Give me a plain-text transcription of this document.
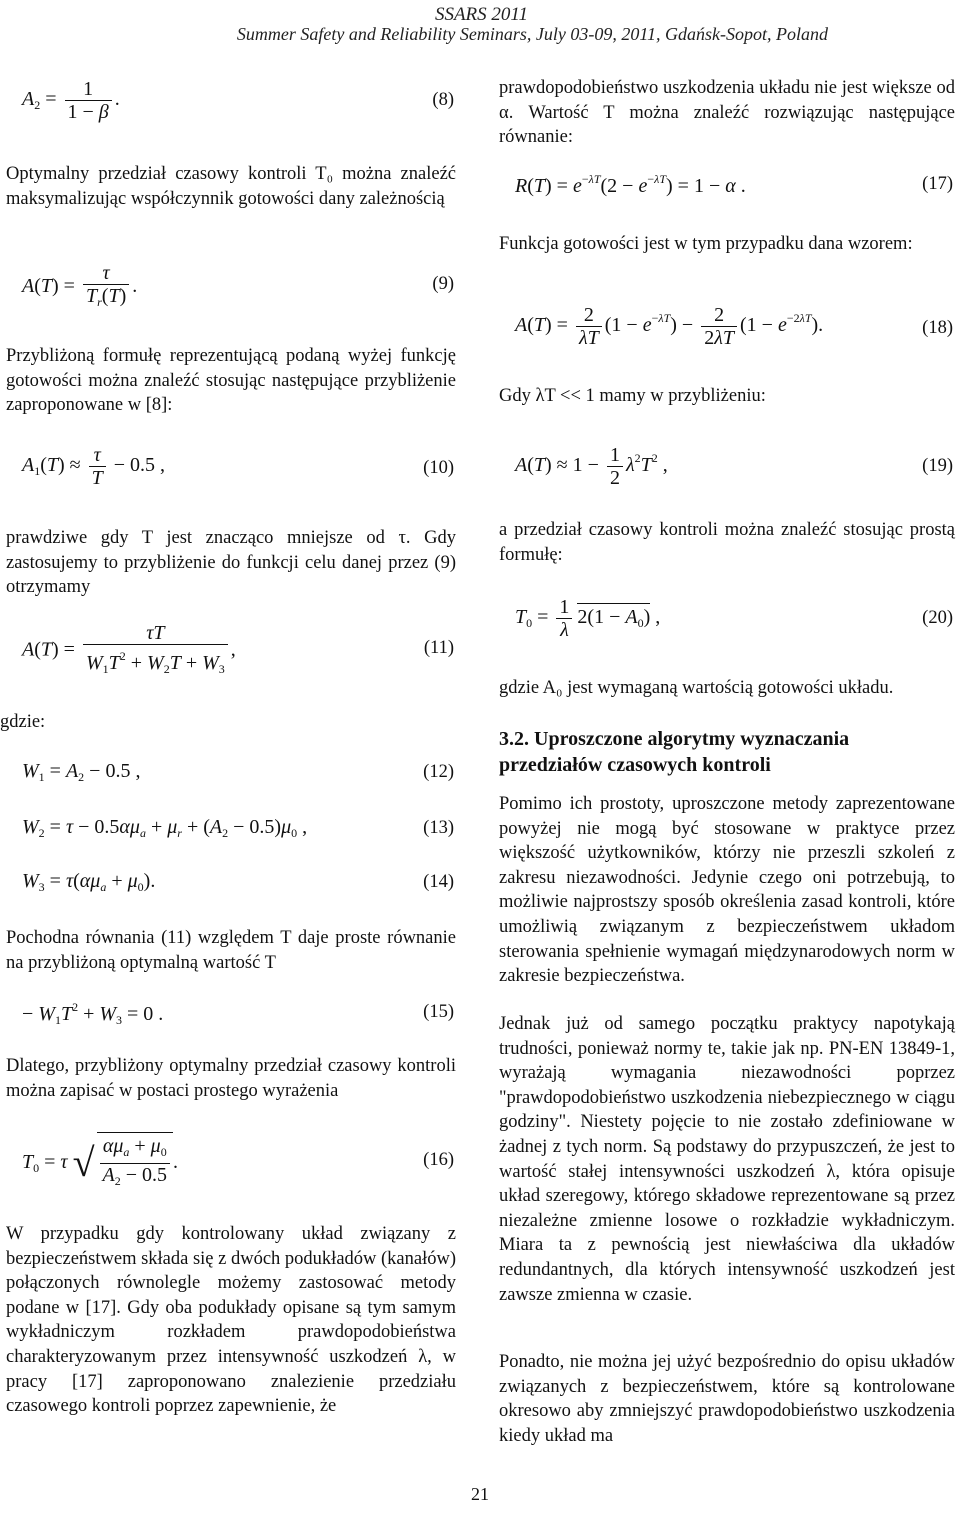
SSARS 2011
Summer Safety and Reliability Seminars, July 03-09, 2011, Gdańsk-Sopot, Poland
$A_2 = \frac{1}{1 - \beta}$ .	(8)
Optymalny przedział czasowy kontroli T₀ można znaleźć maksymalizując współczynnik gotowości dany zależnością
$A(T) = \frac{\tau}{T_r(T)}$ .	(9)
Przybliżoną formułę reprezentującą podaną wyżej funkcję gotowości można znaleźć stosując następujące przybliżenie zaproponowane w [8]:
$A_1(T) \approx \frac{\tau}{T} - 0.5$ ,	(10)
prawdziwe gdy T jest znacząco mniejsze od τ. Gdy zastosujemy to przybliżenie do funkcji celu danej przez (9) otrzymamy
$A(T) = \frac{\tau T}{W_1T^2 + W_2T + W_3}$ ,	(11)
gdzie:
$W_1 = A_2 - 0.5$ ,	(12)
$W_2 = \tau - 0.5\alpha\mu_a + \mu_r + (A_2 - 0.5)\mu_0$ ,	(13)
$W_3 = \tau(\alpha\mu_a + \mu_0)$.	(14)
Pochodna równania (11) względem T daje proste równanie na przybliżoną optymalną wartość T
− $W_1T^2 + W_3 = 0$ .	(15)
Dlatego, przybliżony optymalny przedział czasowy kontroli można zapisać w postaci prostego wyrażenia
$T_0 = \tau$ √ $\alpha\mu_a + \mu_0$
$A_2 - 0.5$
.	(16)
W przypadku gdy kontrolowany układ związany z bezpieczeństwem składa się z dwóch podukładów (kanałów) połączonych równolegle możemy zastosować metody podane w [17]. Gdy oba podukłady opisane są tym samym wykładniczym rozkładem prawdopodobieństwa charakteryzowanym przez intensywność uszkodzeń λ, w pracy [17] zaproponowano znalezienie przedziału czasowego kontroli poprzez zapewnienie, że
prawdopodobieństwo uszkodzenia układu nie jest większe od α. Wartość T można znaleźć rozwiązując następujące równanie:
$R(T) = e^{-\lambda T}(2 - e^{-\lambda T}) = 1 - \alpha$ .	(17)
Funkcja gotowości jest w tym przypadku dana wzorem:
$A(T) = \frac{2}{\lambda T} (1 - e^{-\lambda T}) - \frac{2}{2\lambda T} (1 - e^{-2\lambda T})$.	(18)
Gdy λT << 1 mamy w przybliżeniu:
$A(T) \approx 1 - \frac{1}{2} \lambda^2T^2$ ,	(19)
a przedział czasowy kontroli można znaleźć stosując prostą formułę:
$T_0 = \frac{1}{\lambda} 2(1 - A_0)$ ,	(20)
gdzie A₀ jest wymaganą wartością gotowości układu.
3.2. Uproszczone algorytmy wyznaczania przedziałów czasowych kontroli
Pomimo ich prostoty, uproszczone metody zaprezentowane powyżej nie mogą być stosowane w praktyce przez większość użytkowników, którzy nie przeszli szkoleń z zakresu niezawodności. Jedynie czego oni potrzebują, to możliwie najprostszy sposób określenia zasad kontroli, które umożliwią związanym z bezpieczeństwem układom sterowania spełnienie wymagań międzynarodowych norm w zakresie bezpieczeństwa.
Jednak już od samego początku praktycy napotykają trudności, ponieważ normy te, takie jak np. PN-EN 13849-1, wyrażają wymagania niezawodności poprzez "prawdopodobieństwo uszkodzenia niebezpiecznego w ciągu godziny". Niestety pojęcie to nie zostało zdefiniowane w żadnej z tych norm. Są podstawy do przypuszczeń, że jest to wartość stałej intensywności uszkodzeń λ, która opisuje układ szeregowy, którego składowe reprezentowane są przez niezależne zmienne losowe o rozkładzie wykładniczym. Miara ta z pewnością jest niewłaściwa dla układów redundantnych, dla których intensywność uszkodzeń jest zawsze zmienna w czasie.
Ponadto, nie można jej użyć bezpośrednio do opisu układów związanych z bezpieczeństwem, które są kontrolowane okresowo aby zmniejszyć prawdopodobieństwo uszkodzenia kiedy układ ma
21
